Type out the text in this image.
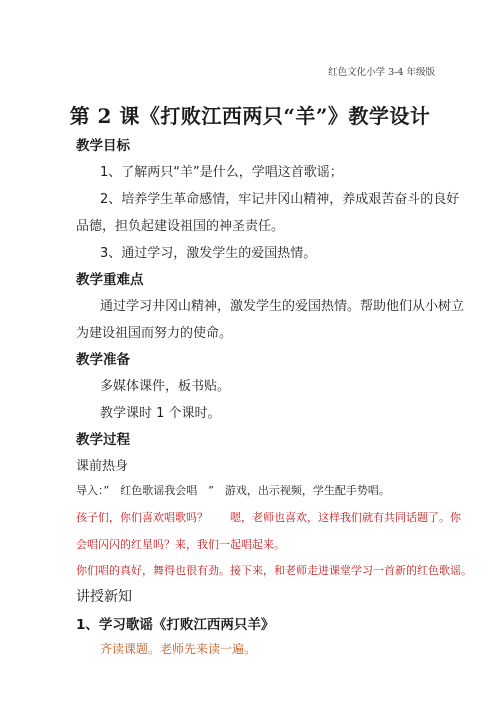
红色文化小学 3-4 年级版
第 2 课《打败江西两只“羊”》教学设计
教学目标
1、了解两只“羊”是什么，学唱这首歌谣；
2、培养学生革命感情，牢记井冈山精神，养成艰苦奋斗的良好
品德，担负起建设祖国的神圣责任。
3、通过学习，激发学生的爱国热情。
教学重难点
通过学习井冈山精神，激发学生的爱国热情。帮助他们从小树立
为建设祖国而努力的使命。
教学准备
多媒体课件，板书贴。
教学课时 1 个课时。
教学过程
课前热身
导入：”　红色歌谣我会唱　”　游戏，出示视频，学生配手势唱。
孩子们，你们喜欢唱歌吗？　　嗯，老师也喜欢，这样我们就有共同话题了。你
会唱闪闪的红星吗？来，我们一起唱起来。
你们唱的真好，舞得也很有劲。接下来，和老师走进课堂学习一首新的红色歌谣。
讲授新知
1、学习歌谣《打败江西两只羊》
齐读课题。老师先来读一遍。
